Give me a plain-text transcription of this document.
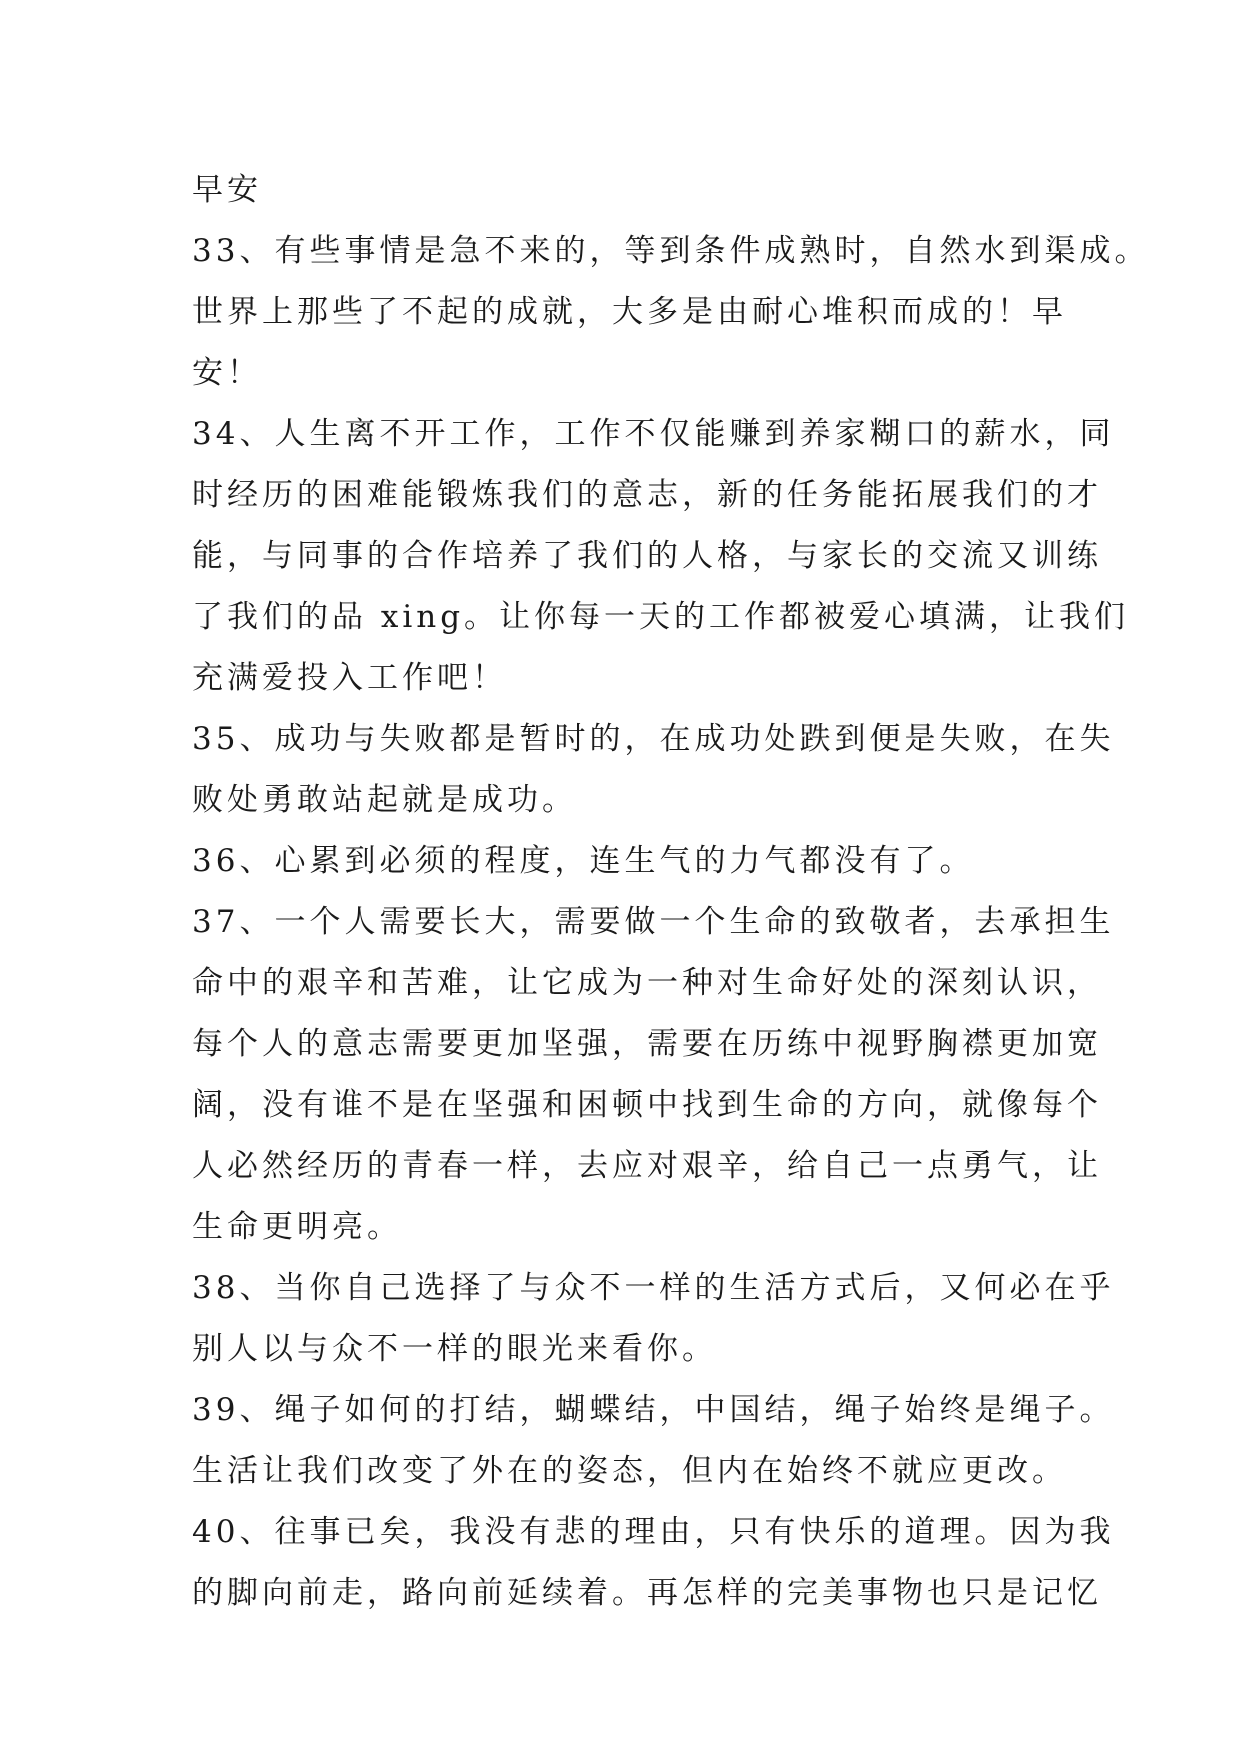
早安
33、有些事情是急不来的，等到条件成熟时，自然水到渠成。
世界上那些了不起的成就，大多是由耐心堆积而成的！早
安！
34、人生离不开工作，工作不仅能赚到养家糊口的薪水，同
时经历的困难能锻炼我们的意志，新的任务能拓展我们的才
能，与同事的合作培养了我们的人格，与家长的交流又训练
了我们的品 xing。让你每一天的工作都被爱心填满，让我们
充满爱投入工作吧！
35、成功与失败都是暂时的，在成功处跌到便是失败，在失
败处勇敢站起就是成功。
36、心累到必须的程度，连生气的力气都没有了。
37、一个人需要长大，需要做一个生命的致敬者，去承担生
命中的艰辛和苦难，让它成为一种对生命好处的深刻认识，
每个人的意志需要更加坚强，需要在历练中视野胸襟更加宽
阔，没有谁不是在坚强和困顿中找到生命的方向，就像每个
人必然经历的青春一样，去应对艰辛，给自己一点勇气，让
生命更明亮。
38、当你自己选择了与众不一样的生活方式后，又何必在乎
别人以与众不一样的眼光来看你。
39、绳子如何的打结，蝴蝶结，中国结，绳子始终是绳子。
生活让我们改变了外在的姿态，但内在始终不就应更改。
40、往事已矣，我没有悲的理由，只有快乐的道理。因为我
的脚向前走，路向前延续着。再怎样的完美事物也只是记忆
